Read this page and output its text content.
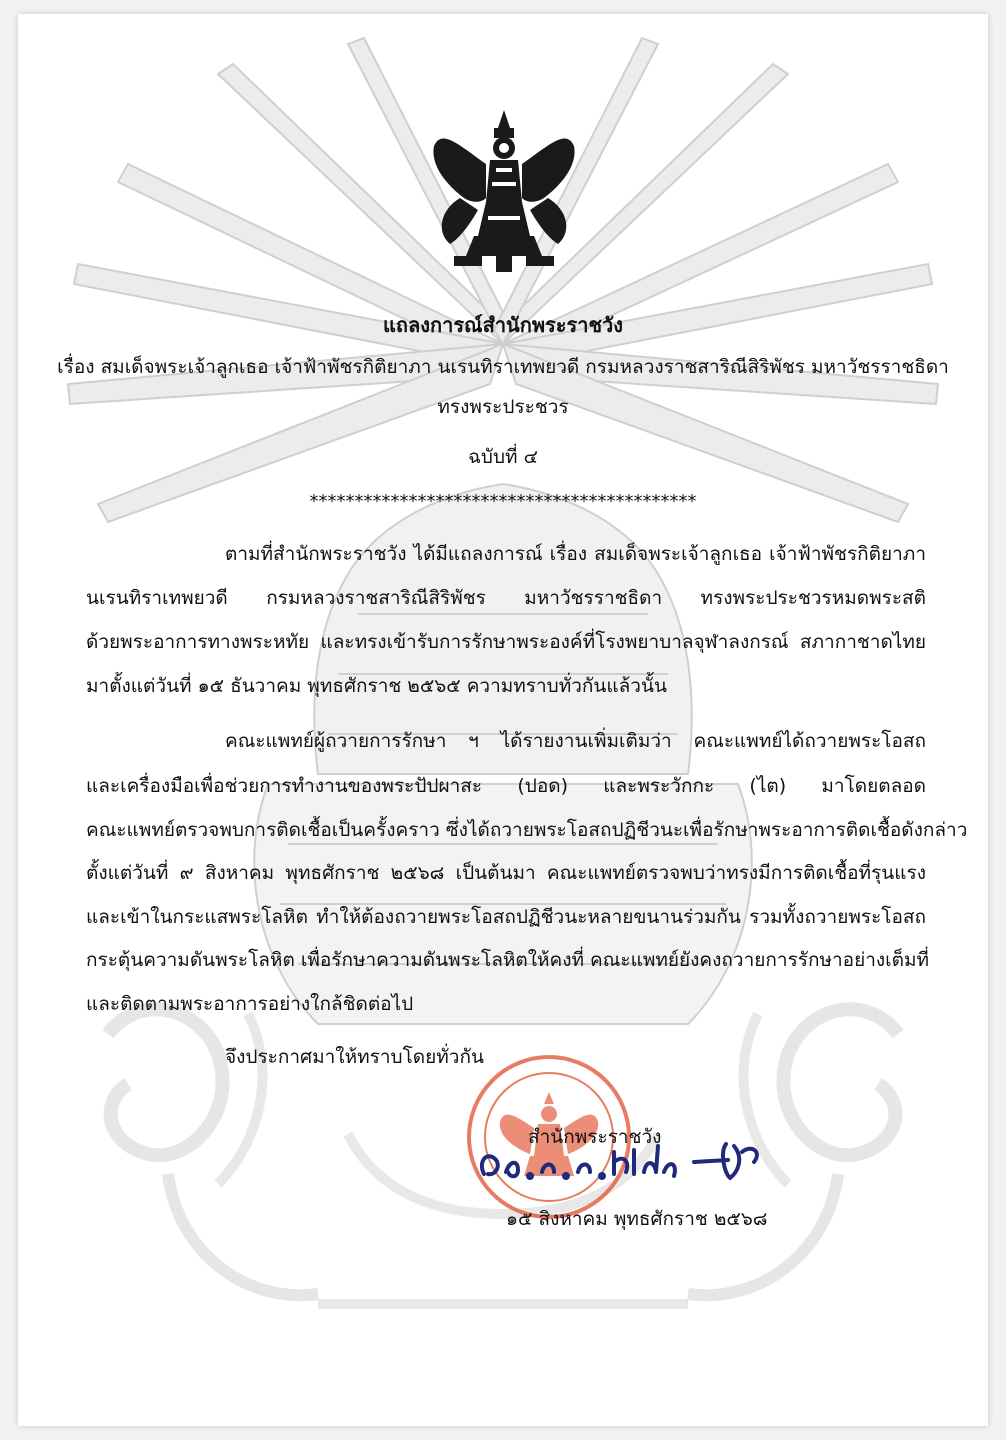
แถลงการณ์สำนักพระราชวัง
เรื่อง สมเด็จพระเจ้าลูกเธอ เจ้าฟ้าพัชรกิติยาภา นเรนทิราเทพยวดี กรมหลวงราชสาริณีสิริพัชร มหาวัชรราชธิดา
ทรงพระประชวร
ฉบับที่ ๔
*******************************************
ตามที่สำนักพระราชวัง ได้มีแถลงการณ์ เรื่อง สมเด็จพระเจ้าลูกเธอ เจ้าฟ้าพัชรกิติยาภา
นเรนทิราเทพยวดี กรมหลวงราชสาริณีสิริพัชร มหาวัชรราชธิดา ทรงพระประชวรหมดพระสติ
ด้วยพระอาการทางพระหทัย และทรงเข้ารับการรักษาพระองค์ที่โรงพยาบาลจุฬาลงกรณ์ สภากาชาดไทย
มาตั้งแต่วันที่ ๑๕ ธันวาคม พุทธศักราช ๒๕๖๕ ความทราบทั่วกันแล้วนั้น
คณะแพทย์ผู้ถวายการรักษา ฯ ได้รายงานเพิ่มเติมว่า คณะแพทย์ได้ถวายพระโอสถ
และเครื่องมือเพื่อช่วยการทำงานของพระปัปผาสะ (ปอด) และพระวักกะ (ไต) มาโดยตลอด
คณะแพทย์ตรวจพบการติดเชื้อเป็นครั้งคราว ซึ่งได้ถวายพระโอสถปฏิชีวนะเพื่อรักษาพระอาการติดเชื้อดังกล่าว
ตั้งแต่วันที่ ๙ สิงหาคม พุทธศักราช ๒๕๖๘ เป็นต้นมา คณะแพทย์ตรวจพบว่าทรงมีการติดเชื้อที่รุนแรง
และเข้าในกระแสพระโลหิต ทำให้ต้องถวายพระโอสถปฏิชีวนะหลายขนานร่วมกัน รวมทั้งถวายพระโอสถ
กระตุ้นความดันพระโลหิต เพื่อรักษาความดันพระโลหิตให้คงที่ คณะแพทย์ยังคงถวายการรักษาอย่างเต็มที่
และติดตามพระอาการอย่างใกล้ชิดต่อไป
จึงประกาศมาให้ทราบโดยทั่วกัน
สำนักพระราชวัง
๑๕ สิงหาคม พุทธศักราช ๒๕๖๘
